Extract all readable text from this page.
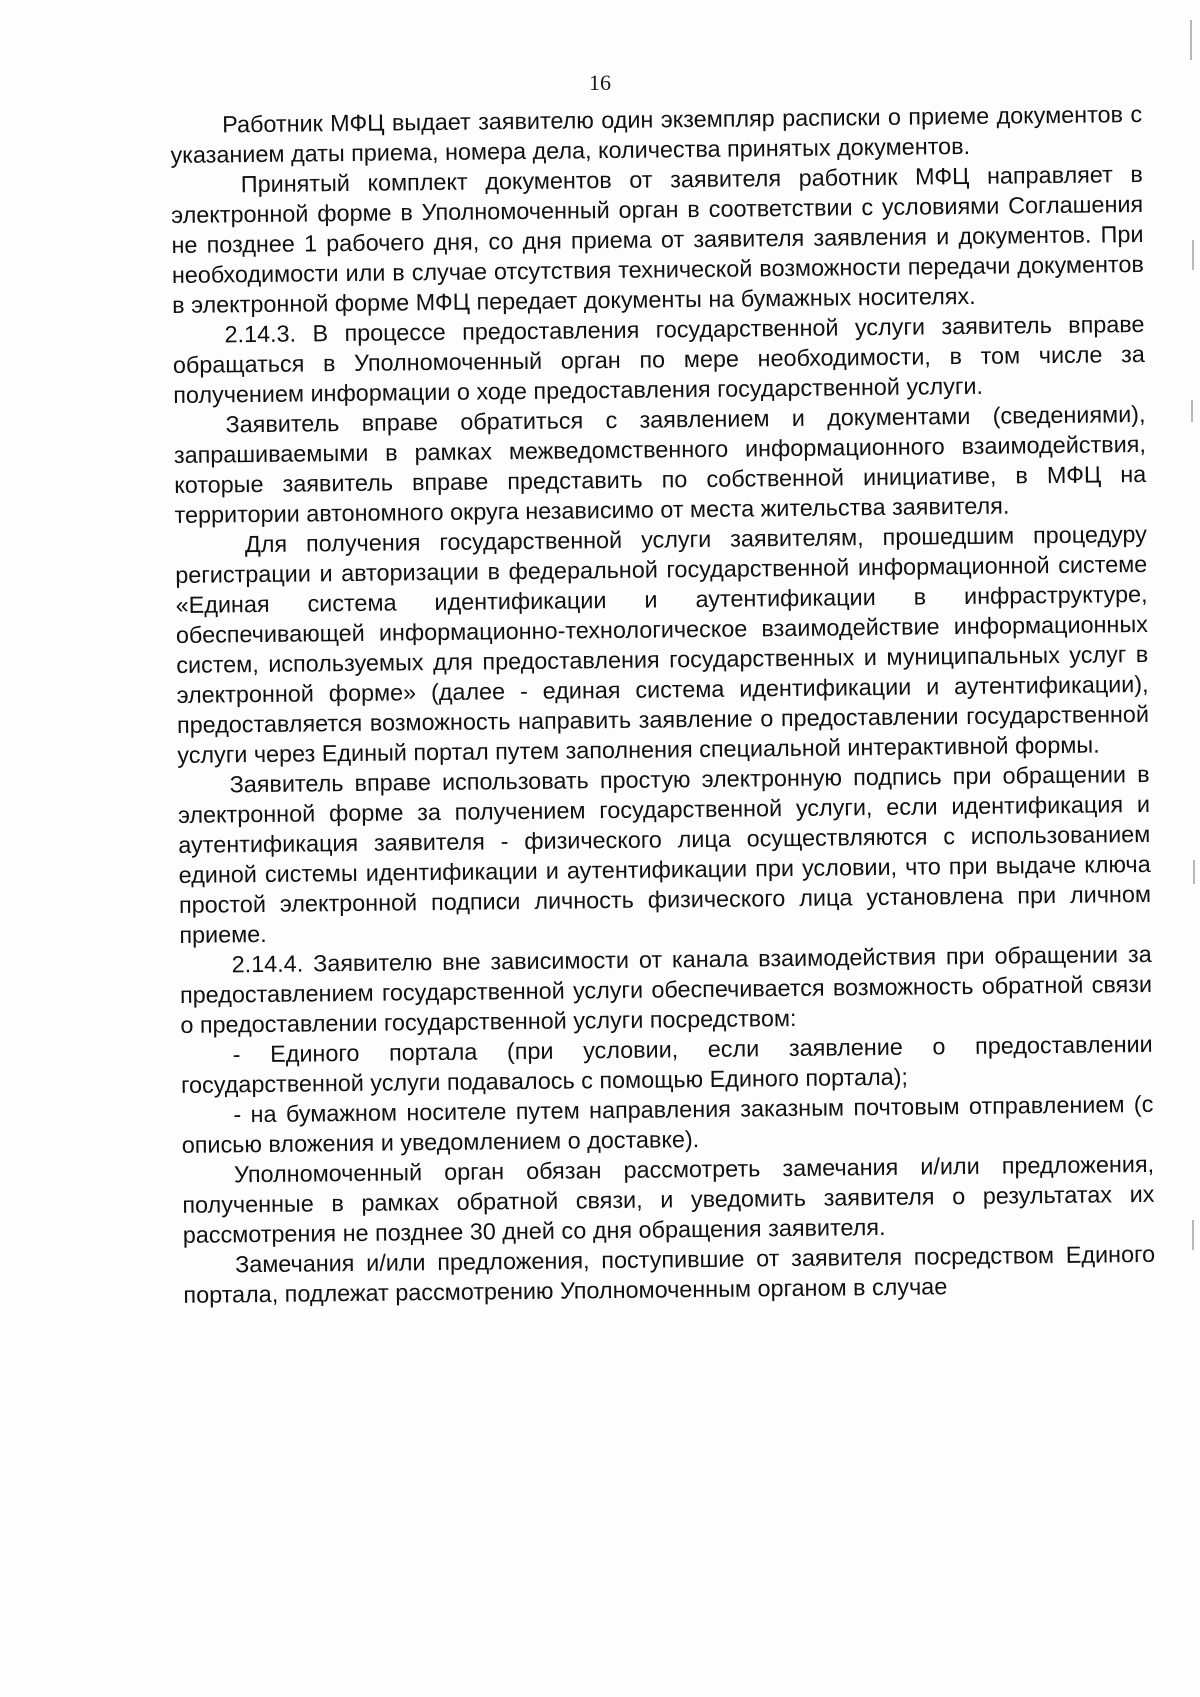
16

Работник МФЦ выдает заявителю один экземпляр расписки о приеме документов с указанием даты приема, номера дела, количества принятых документов.

Принятый комплект документов от заявителя работник МФЦ направляет в электронной форме в Уполномоченный орган в соответствии с условиями Соглашения не позднее 1 рабочего дня, со дня приема от заявителя заявления и документов. При необходимости или в случае отсутствия технической возможности передачи документов в электронной форме МФЦ передает документы на бумажных носителях.

2.14.3. В процессе предоставления государственной услуги заявитель вправе обращаться в Уполномоченный орган по мере необходимости, в том числе за получением информации о ходе предоставления государственной услуги.

Заявитель вправе обратиться с заявлением и документами (сведениями), запрашиваемыми в рамках межведомственного информационного взаимодействия, которые заявитель вправе представить по собственной инициативе, в МФЦ на территории автономного округа независимо от места жительства заявителя.

Для получения государственной услуги заявителям, прошедшим процедуру регистрации и авторизации в федеральной государственной информационной системе «Единая система идентификации и аутентификации в инфраструктуре, обеспечивающей информационно-технологическое взаимодействие информационных систем, используемых для предоставления государственных и муниципальных услуг в электронной форме» (далее - единая система идентификации и аутентификации), предоставляется возможность направить заявление о предоставлении государственной услуги через Единый портал путем заполнения специальной интерактивной формы.

Заявитель вправе использовать простую электронную подпись при обращении в электронной форме за получением государственной услуги, если идентификация и аутентификация заявителя - физического лица осуществляются с использованием единой системы идентификации и аутентификации при условии, что при выдаче ключа простой электронной подписи личность физического лица установлена при личном приеме.

2.14.4. Заявителю вне зависимости от канала взаимодействия при обращении за предоставлением государственной услуги обеспечивается возможность обратной связи о предоставлении государственной услуги посредством:

- Единого портала (при условии, если заявление о предоставлении государственной услуги подавалось с помощью Единого портала);

- на бумажном носителе путем направления заказным почтовым отправлением (с описью вложения и уведомлением о доставке).

Уполномоченный орган обязан рассмотреть замечания и/или предложения, полученные в рамках обратной связи, и уведомить заявителя о результатах их рассмотрения не позднее 30 дней со дня обращения заявителя.

Замечания и/или предложения, поступившие от заявителя посредством Единого портала, подлежат рассмотрению Уполномоченным органом в случае
